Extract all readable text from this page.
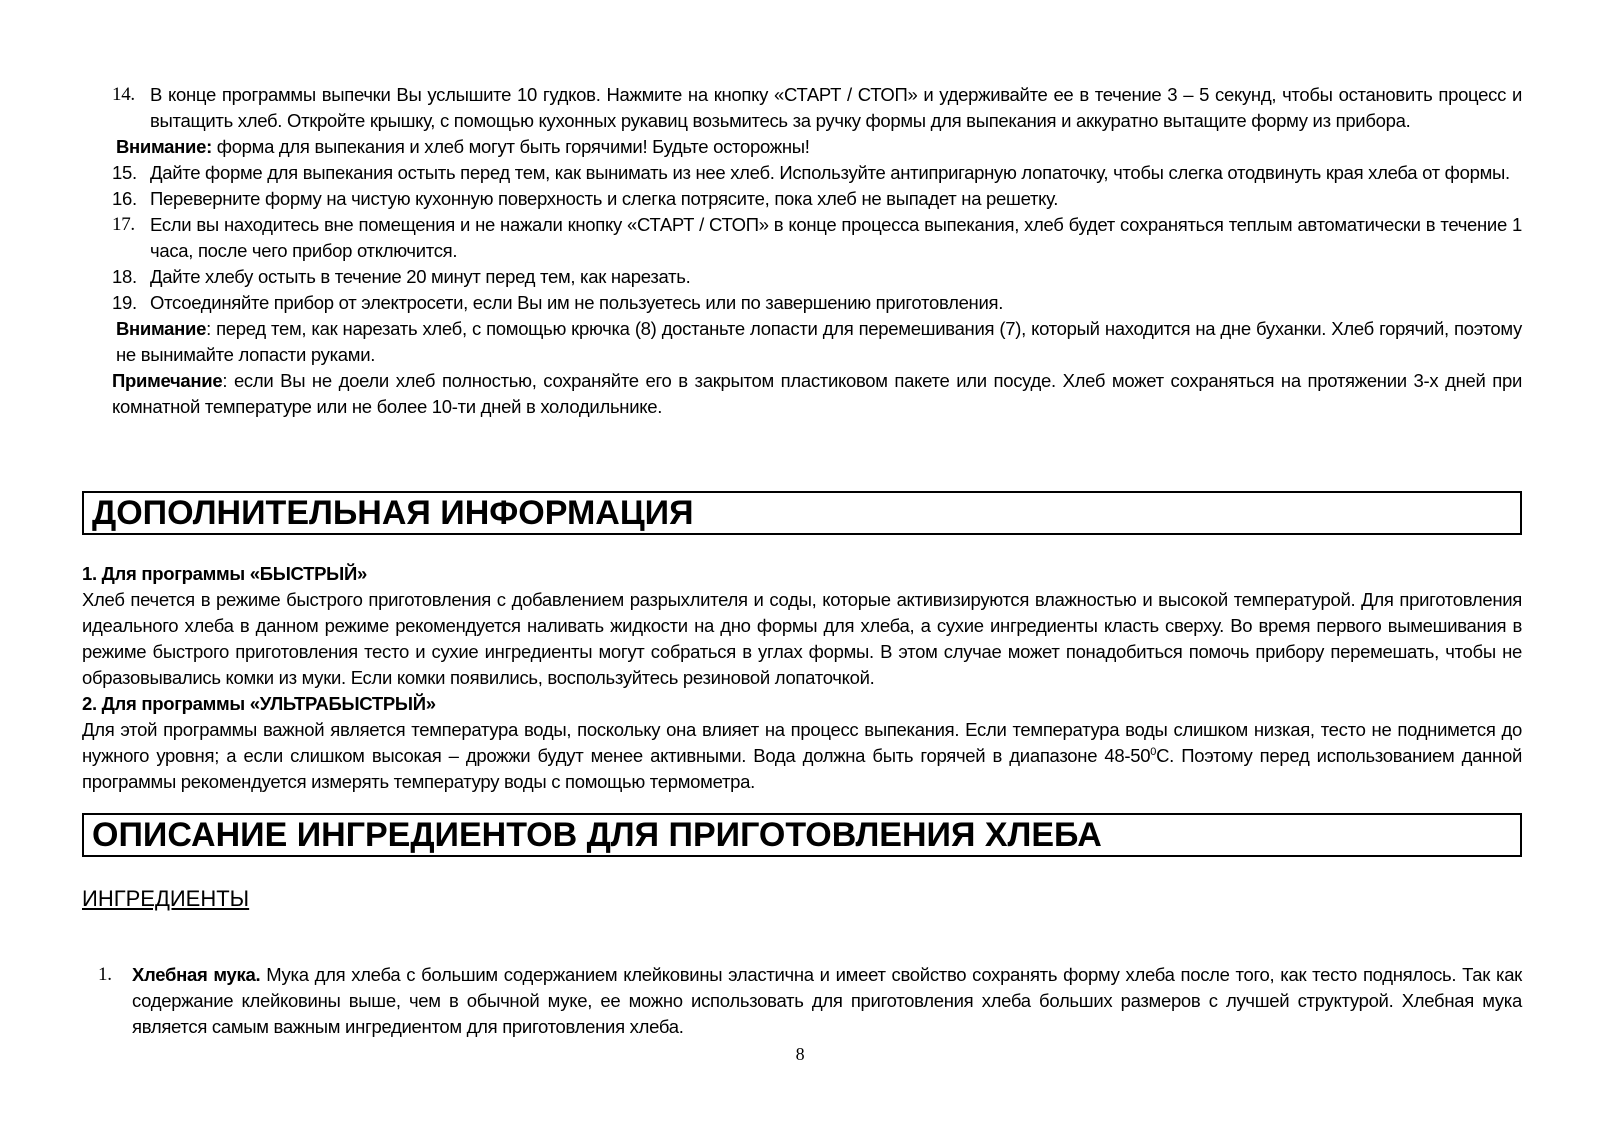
14. В конце программы выпечки Вы услышите 10 гудков. Нажмите на кнопку «СТАРТ / СТОП» и удерживайте ее в течение 3 – 5 секунд, чтобы остановить процесс и вытащить хлеб. Откройте крышку, с помощью кухонных рукавиц возьмитесь за ручку формы для выпекания и аккуратно вытащите форму из прибора.
Внимание: форма для выпекания и хлеб могут быть горячими! Будьте осторожны!
15. Дайте форме для выпекания остыть перед тем, как вынимать из нее хлеб. Используйте антипригарную лопаточку, чтобы слегка отодвинуть края хлеба от формы.
16. Переверните форму на чистую кухонную поверхность и слегка потрясите, пока хлеб не выпадет на решетку.
17. Если вы находитесь вне помещения и не нажали кнопку «СТАРТ / СТОП» в конце процесса выпекания, хлеб будет сохраняться теплым автоматически в течение 1 часа, после чего прибор отключится.
18. Дайте хлебу остыть в течение 20 минут перед тем, как нарезать.
19. Отсоединяйте прибор от электросети, если Вы им не пользуетесь или по завершению приготовления.
Внимание: перед тем, как нарезать хлеб, с помощью крючка (8) достаньте лопасти для перемешивания (7), который находится на дне буханки. Хлеб горячий, поэтому не вынимайте лопасти руками.
Примечание: если Вы не доели хлеб полностью, сохраняйте его в закрытом пластиковом пакете или посуде. Хлеб может сохраняться на протяжении 3-х дней при комнатной температуре или не более 10-ти дней в холодильнике.
ДОПОЛНИТЕЛЬНАЯ ИНФОРМАЦИЯ
1. Для программы «БЫСТРЫЙ»
Хлеб печется в режиме быстрого приготовления с добавлением разрыхлителя и соды, которые активизируются влажностью и высокой температурой. Для приготовления идеального хлеба в данном режиме рекомендуется наливать жидкости на дно формы для хлеба, а сухие ингредиенты класть сверху. Во время первого вымешивания в режиме быстрого приготовления тесто и сухие ингредиенты могут собраться в углах формы. В этом случае может понадобиться помочь прибору перемешать, чтобы не образовывались комки из муки. Если комки появились, воспользуйтесь резиновой лопаточкой.
2. Для программы «УЛЬТРАБЫСТРЫЙ»
Для этой программы важной является температура воды, поскольку она влияет на процесс выпекания. Если температура воды слишком низкая, тесто не поднимется до нужного уровня; а если слишком высокая – дрожжи будут менее активными. Вода должна быть горячей в диапазоне $48-50^0С$. Поэтому перед использованием данной программы рекомендуется измерять температуру воды с помощью термометра.
ОПИСАНИЕ ИНГРЕДИЕНТОВ ДЛЯ ПРИГОТОВЛЕНИЯ ХЛЕБА
ИНГРЕДИЕНТЫ
1.	Хлебная мука. Мука для хлеба с большим содержанием клейковины эластична и имеет свойство сохранять форму хлеба после того, как тесто поднялось. Так как содержание клейковины выше, чем в обычной муке, ее можно использовать для приготовления хлеба больших размеров с лучшей структурой. Хлебная мука является самым важным ингредиентом для приготовления хлеба.
8
